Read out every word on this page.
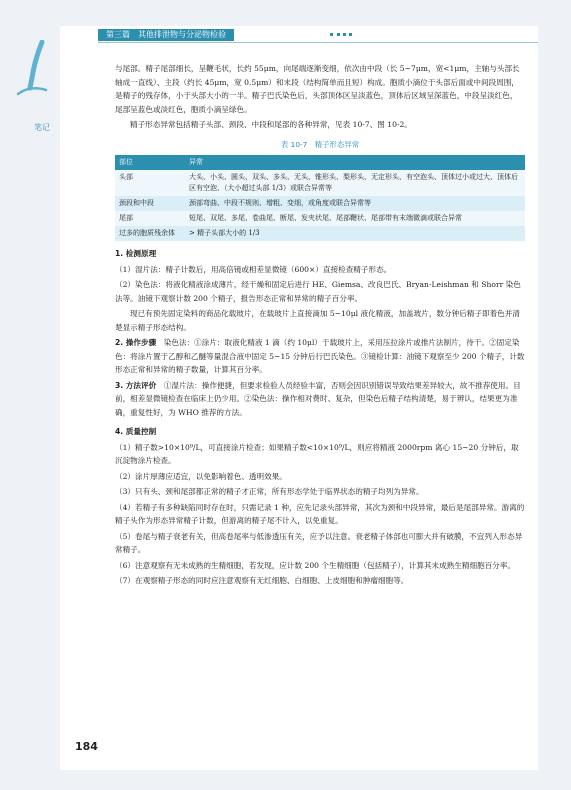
笔记
第三篇　其他排泄物与分泌物检验

与尾部。精子尾部细长，呈鞭毛状，长约 55μm，向尾端逐渐变细，依次由中段（长 5~7μm，宽<1μm，主轴与头部长轴成一直线）、主段（约长 45μm，宽 0.5μm）和末段（结构简单而且短）构成。胞质小滴位于头部后面或中间段周围，是精子的残存体，小于头部大小的一半。精子巴氏染色后，头部顶体区呈淡蓝色，顶体后区域呈深蓝色，中段呈淡红色，尾部呈蓝色或淡红色，胞质小滴呈绿色。

精子形态异常包括精子头部、颈段、中段和尾部的各种异常，见表 10-7、图 10-2。

表 10-7　精子形态异常
部位	异常
头部	大头、小头、圆头、双头、多头、无头、锥形头、梨形头、无定形头、有空泡头、顶体过小或过大、顶体后区有空泡、（大小超过头部 1/3）或联合异常等
颈段和中段	颈部弯曲、中段不规则、增粗、变细，或角度或联合异常等
尾部	短尾、双尾、多尾、卷曲尾、断尾、发夹状尾、尾部鞭状、尾部带有末端微滴或联合异常
过多的胞质残余体	> 精子头部大小的 1/3
1. 检测原理

（1）湿片法：精子计数后，用高倍镜或相差显微镜（600×）直接检查精子形态。

（2）染色法：将液化精液涂成薄片，经干燥和固定后进行 HE、Giemsa、改良巴氏、Bryan-Leishman 和 Shorr 染色法等。油镜下观察计数 200 个精子，报告形态正常和异常的精子百分率。

现已有预先固定染料的商品化载玻片，在载玻片上直接滴加 5~10μl 液化精液，加盖玻片，数分钟后精子即着色并清楚显示精子形态结构。

2. 操作步骤　 染色法：①涂片：取液化精液 1 滴（约 10μl）于载玻片上，采用压拉涂片或推片法制片，待干。②固定染色：将涂片置于乙醇和乙醚等量混合液中固定 5~15 分钟后行巴氏染色。③镜检计算：油镜下观察至少 200 个精子，计数形态正常和异常的精子数量，计算其百分率。

3. 方法评价　 ①湿片法：操作便捷，但要求检验人员经验丰富，否则会因识别错误导致结果差异较大，故不推荐使用。目前，相差显微镜检查在临床上仍少用。②染色法：操作相对费时、复杂，但染色后精子结构清楚，易于辨认，结果更为准确，重复性好，为 WHO 推荐的方法。

4. 质量控制

（1）精子数>10×10⁹/L，可直接涂片检查；如果精子数<10×10⁹/L，则应将精液 2000rpm 离心 15~20 分钟后，取沉淀物涂片检查。

（2）涂片厚薄应适宜，以免影响着色、透明效果。

（3）只有头、颈和尾部都正常的精子才正常，所有形态学处于临界状态的精子均列为异常。

（4）若精子有多种缺陷同时存在时，只需记录 1 种，应先记录头部异常，其次为颈和中段异常，最后是尾部异常。游离的精子头作为形态异常精子计数，但游离的精子尾不计入，以免重复。

（5）卷尾与精子衰老有关，但高卷尾率与低渗透压有关，应予以注意。衰老精子体部也可膨大并有破膜，不宜列入形态异常精子。

（6）注意观察有无未成熟的生精细胞，若发现，应计数 200 个生精细胞（包括精子），计算其未成熟生精细胞百分率。

（7）在观察精子形态的同时应注意观察有无红细胞、白细胞、上皮细胞和肿瘤细胞等。

184
